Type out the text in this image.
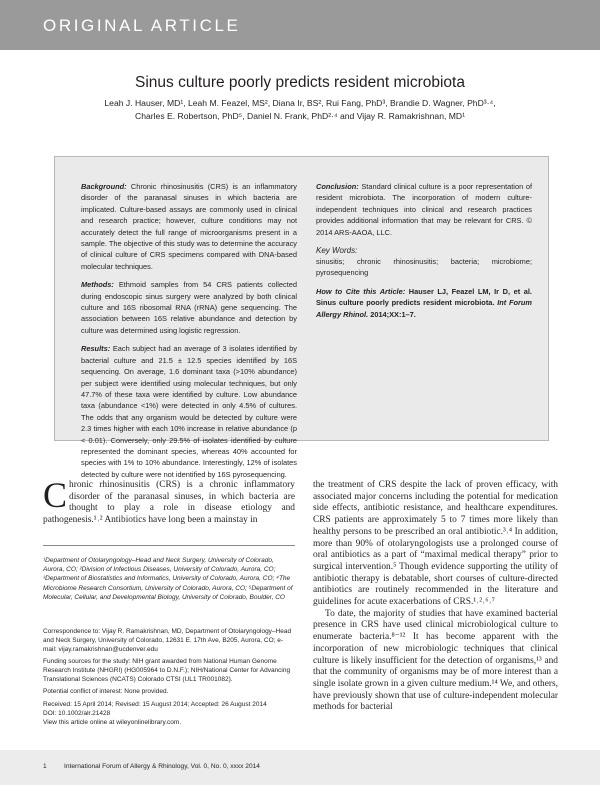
ORIGINAL ARTICLE
Sinus culture poorly predicts resident microbiota
Leah J. Hauser, MD¹, Leah M. Feazel, MS², Diana Ir, BS², Rui Fang, PhD³, Brandie D. Wagner, PhD³·⁴,
Charles E. Robertson, PhD⁵, Daniel N. Frank, PhD²·⁴ and Vijay R. Ramakrishnan, MD¹

Background: Chronic rhinosinusitis (CRS) is an inflammatory disorder of the paranasal sinuses in which bacteria are implicated. Culture-based assays are commonly used in clinical and research practice; however, culture conditions may not accurately detect the full range of microorganisms present in a sample. The objective of this study was to determine the accuracy of clinical culture of CRS specimens compared with DNA-based molecular techniques.

Methods: Ethmoid samples from 54 CRS patients collected during endoscopic sinus surgery were analyzed by both clinical culture and 16S ribosomal RNA (rRNA) gene sequencing. The association between 16S relative abundance and detection by culture was determined using logistic regression.

Results: Each subject had an average of 3 isolates identified by bacterial culture and 21.5 ± 12.5 species identified by 16S sequencing. On average, 1.6 dominant taxa (>10% abundance) per subject were identified using molecular techniques, but only 47.7% of these taxa were identified by culture. Low abundance taxa (abundance <1%) were detected in only 4.5% of cultures. The odds that any organism would be detected by culture were 2.3 times higher with each 10% increase in relative abundance (p < 0.01). Conversely, only 29.5% of isolates identified by culture represented the dominant species, whereas 40% accounted for species with 1% to 10% abundance. Interestingly, 12% of isolates detected by culture were not identified by 16S pyrosequencing.

Conclusion: Standard clinical culture is a poor representation of resident microbiota. The incorporation of modern culture-independent techniques into clinical and research practices provides additional information that may be relevant for CRS. © 2014 ARS-AAOA, LLC.

Key Words:

sinusitis; chronic rhinosinusitis; bacteria; microbiome; pyrosequencing

How to Cite this Article: Hauser LJ, Feazel LM, Ir D, et al. Sinus culture poorly predicts resident microbiota. Int Forum Allergy Rhinol. 2014;XX:1–7.

Chronic rhinosinusitis (CRS) is a chronic inflammatory disorder of the paranasal sinuses, in which bacteria are thought to play a role in disease etiology and pathogenesis.¹˒² Antibiotics have long been a mainstay in

¹Department of Otolaryngology–Head and Neck Surgery, University of Colorado, Aurora, CO; ²Division of Infectious Diseases, University of Colorado, Aurora, CO; ³Department of Biostatistics and Informatics, University of Colorado, Aurora, CO; ⁴The Microbiome Research Consortium, University of Colorado, Aurora, CO; ⁵Department of Molecular, Cellular, and Developmental Biology, University of Colorado, Boulder, CO
Correspondence to: Vijay R. Ramakrishnan, MD, Department of Otolaryngology–Head and Neck Surgery, University of Colorado, 12631 E. 17th Ave, B205, Aurora, CO; e-mail: vijay.ramakrishnan@ucdenver.edu
Funding sources for the study: NIH grant awarded from National Human Genome Research Institute (NHGRI) (HG005964 to D.N.F.); NIH/National Center for Advancing Translational Sciences (NCATS) Colorado CTSI (UL1 TR001082).
Potential conflict of interest: None provided.
Received: 15 April 2014; Revised: 15 August 2014; Accepted: 26 August 2014
DOI: 10.1002/alr.21428
View this article online at wileyonlinelibrary.com.

the treatment of CRS despite the lack of proven efficacy, with associated major concerns including the potential for medication side effects, antibiotic resistance, and healthcare expenditures. CRS patients are approximately 5 to 7 times more likely than healthy persons to be prescribed an oral antibiotic.³˒⁴ In addition, more than 90% of otolaryngologists use a prolonged course of oral antibiotics as a part of “maximal medical therapy” prior to surgical intervention.⁵ Though evidence supporting the utility of antibiotic therapy is debatable, short courses of culture-directed antibiotics are routinely recommended in the literature and guidelines for acute exacerbations of CRS.¹˒²˒⁶˒⁷

To date, the majority of studies that have examined bacterial presence in CRS have used clinical microbiological culture to enumerate bacteria.⁸⁻¹² It has become apparent with the incorporation of new microbiologic techniques that clinical culture is likely insufficient for the detection of organisms,¹³ and that the community of organisms may be of more interest than a single isolate grown in a given culture medium.¹⁴ We, and others, have previously shown that use of culture-independent molecular methods for bacterial

1	International Forum of Allergy & Rhinology, Vol. 0, No. 0, xxxx 2014
